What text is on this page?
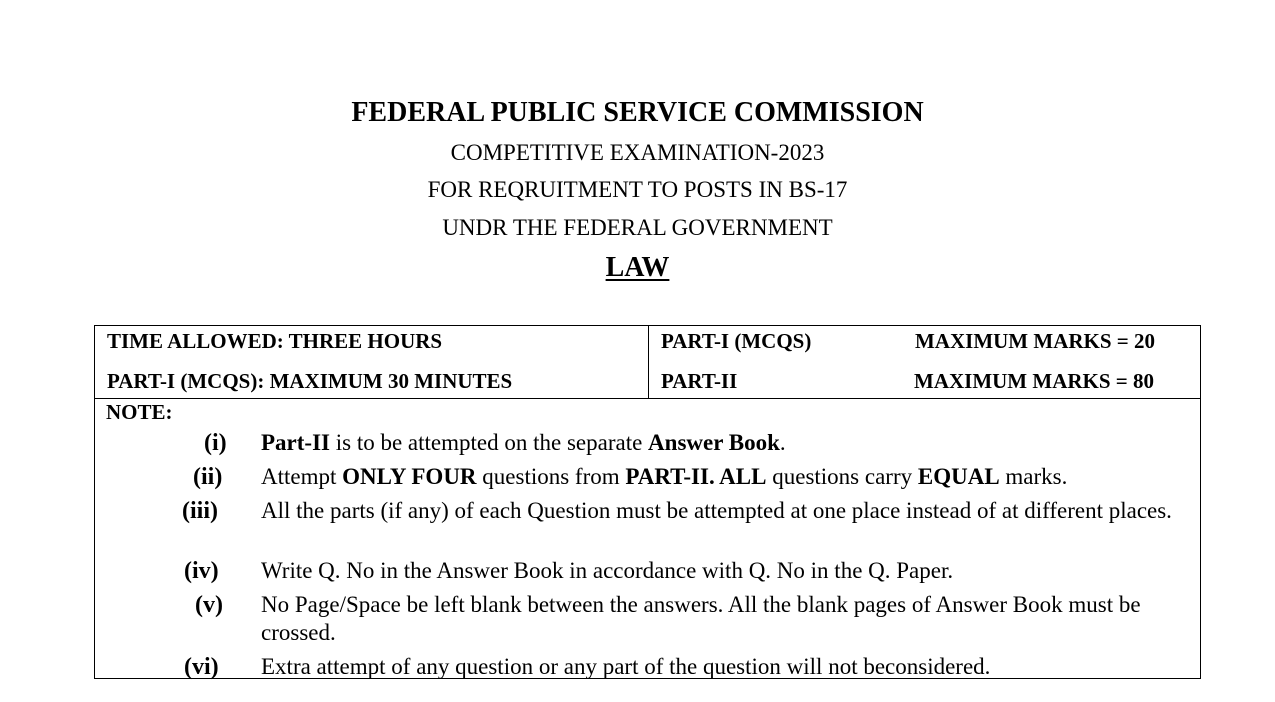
FEDERAL PUBLIC SERVICE COMMISSION
COMPETITIVE EXAMINATION-2023
FOR REQRUITMENT TO POSTS IN BS-17
UNDR THE FEDERAL GOVERNMENT
LAW
TIME ALLOWED: THREE HOURS
PART-I (MCQS): MAXIMUM 30 MINUTES
PART-I (MCQS)	MAXIMUM MARKS = 20
PART-II	MAXIMUM MARKS = 80
NOTE:
(i) Part-II is to be attempted on the separate Answer Book.
(ii) Attempt ONLY FOUR questions from PART-II. ALL questions carry EQUAL marks.
(iii) All the parts (if any) of each Question must be attempted at one place instead of at different places.
(iv) Write Q. No in the Answer Book in accordance with Q. No in the Q. Paper.
(v) No Page/Space be left blank between the answers. All the blank pages of Answer Book must be crossed.
(vi) Extra attempt of any question or any part of the question will not beconsidered.
